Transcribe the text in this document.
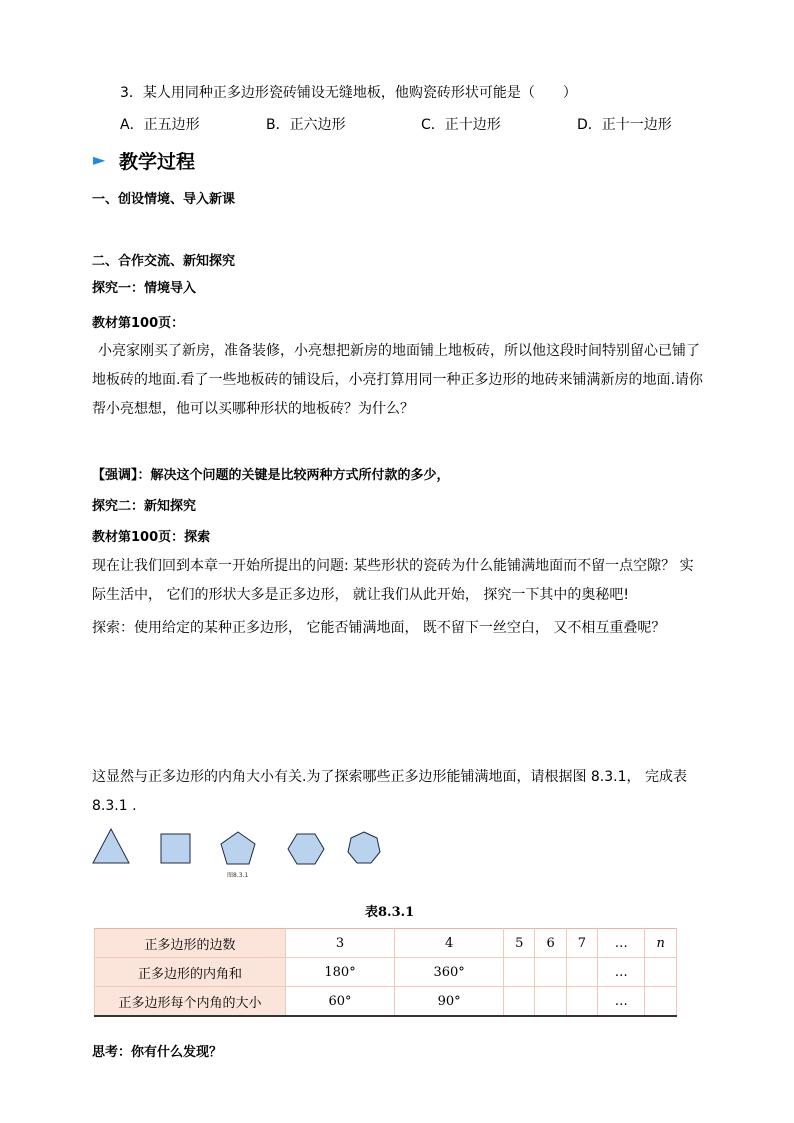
3．某人用同种正多边形瓷砖铺设无缝地板，他购瓷砖形状可能是（　　）
A．正五边形	B．正六边形	C．正十边形	D．正十一边形
► 教学过程
一、创设情境、导入新课
二、合作交流、新知探究
探究一：情境导入
教材第100页：
小亮家刚买了新房，准备装修，小亮想把新房的地面铺上地板砖，所以他这段时间特别留心已铺了地板砖的地面.看了一些地板砖的铺设后，小亮打算用同一种正多边形的地砖来铺满新房的地面.请你帮小亮想想，他可以买哪种形状的地板砖？为什么？
【强调】：解决这个问题的关键是比较两种方式所付款的多少，
探究二：新知探究
教材第100页：探索
现在让我们回到本章一开始所提出的问题: 某些形状的瓷砖为什么能铺满地面而不留一点空隙？ 实际生活中， 它们的形状大多是正多边形， 就让我们从此开始， 探究一下其中的奥秘吧!
探索：使用给定的某种正多边形， 它能否铺满地面， 既不留下一丝空白， 又不相互重叠呢？
这显然与正多边形的内角大小有关.为了探索哪些正多边形能铺满地面，请根据图 8.3.1， 完成表 8.3.1 .
图8.3.1
表8.3.1
正多边形的边数	3	4	5	6	7	…	n
正多边形的内角和	180°	360°				…	
正多边形每个内角的大小	60°	90°				…	
思考：你有什么发现？
